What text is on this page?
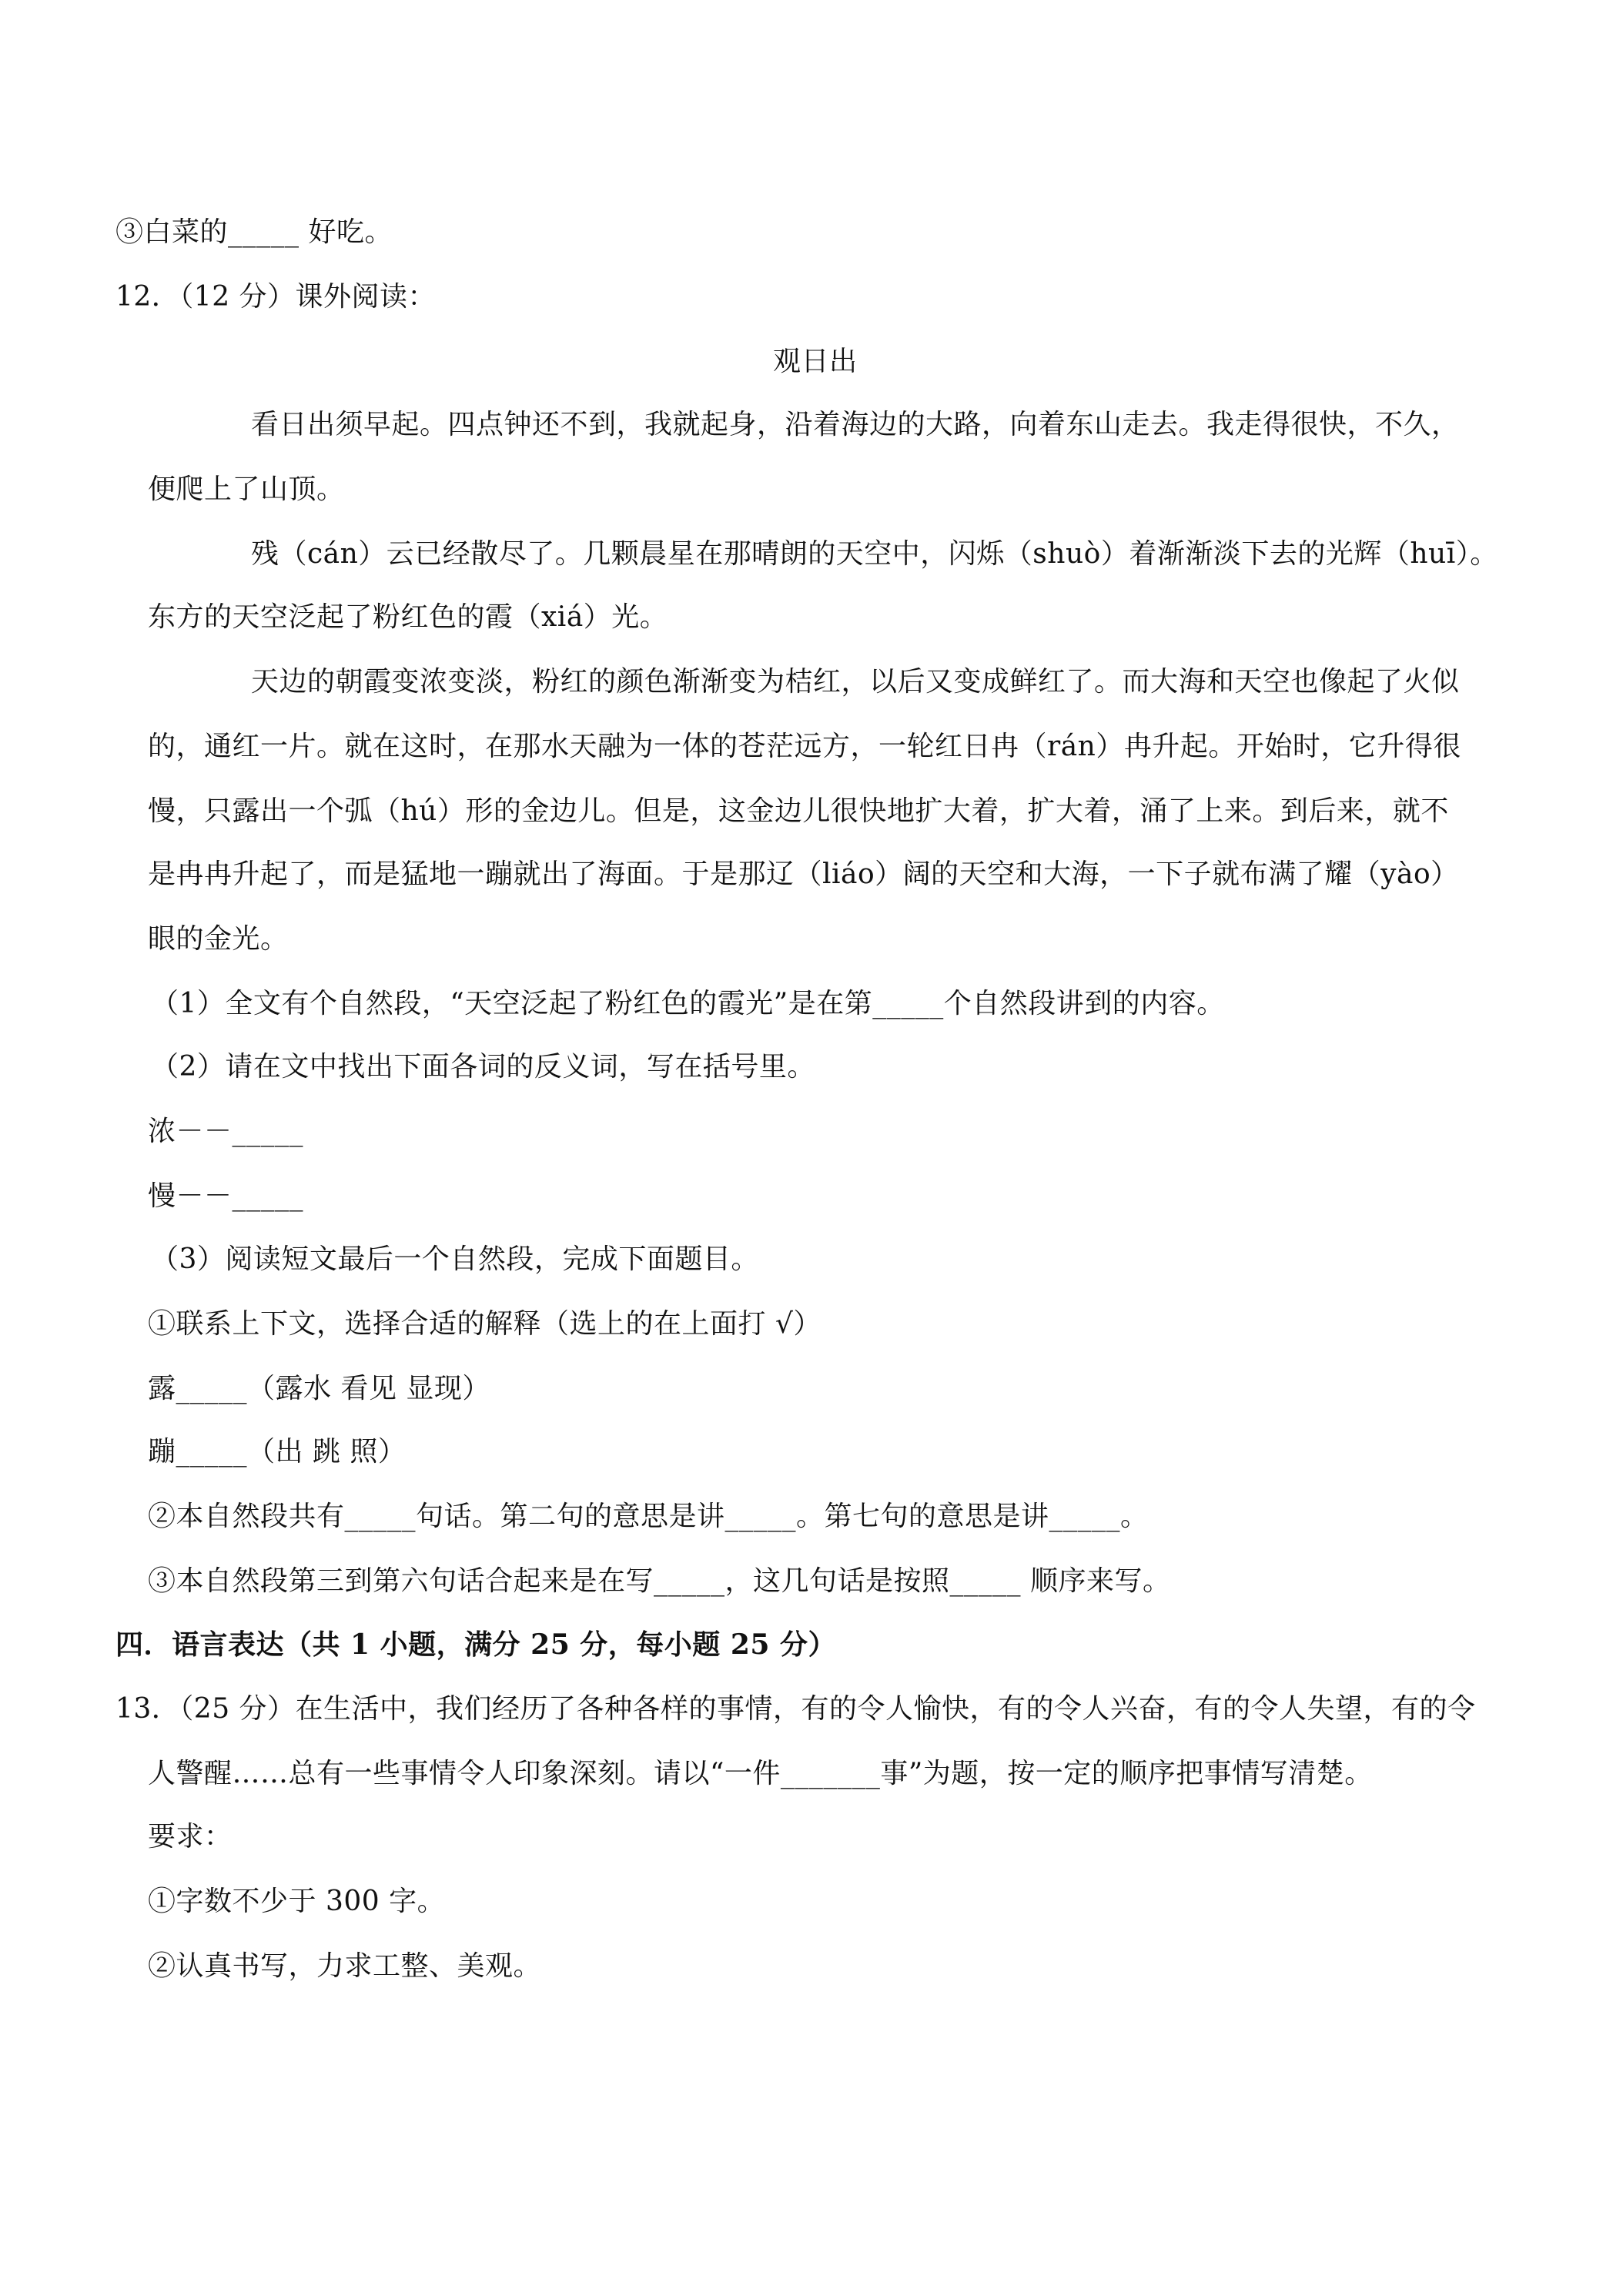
③白菜的_____ 好吃。
12．（12 分）课外阅读：
观日出
看日出须早起。四点钟还不到，我就起身，沿着海边的大路，向着东山走去。我走得很快，不久，
便爬上了山顶。
残（cán）云已经散尽了。几颗晨星在那晴朗的天空中，闪烁（shuò）着渐渐淡下去的光辉（huī）。
东方的天空泛起了粉红色的霞（xiá）光。
天边的朝霞变浓变淡，粉红的颜色渐渐变为桔红，以后又变成鲜红了。而大海和天空也像起了火似
的，通红一片。就在这时，在那水天融为一体的苍茫远方，一轮红日冉（rán）冉升起。开始时，它升得很
慢，只露出一个弧（hú）形的金边儿。但是，这金边儿很快地扩大着，扩大着，涌了上来。到后来，就不
是冉冉升起了，而是猛地一蹦就出了海面。于是那辽（liáo）阔的天空和大海，一下子就布满了耀（yào）
眼的金光。
（1）全文有个自然段，“天空泛起了粉红色的霞光”是在第_____个自然段讲到的内容。
（2）请在文中找出下面各词的反义词，写在括号里。
浓－－_____
慢－－_____
（3）阅读短文最后一个自然段，完成下面题目。
①联系上下文，选择合适的解释（选上的在上面打 √）
露_____（露水 看见 显现）
蹦_____（出 跳 照）
②本自然段共有_____句话。第二句的意思是讲_____。第七句的意思是讲_____。
③本自然段第三到第六句话合起来是在写_____，这几句话是按照_____ 顺序来写。
四．语言表达（共 1 小题，满分 25 分，每小题 25 分）
13．（25 分）在生活中，我们经历了各种各样的事情，有的令人愉快，有的令人兴奋，有的令人失望，有的令
人警醒……总有一些事情令人印象深刻。请以“一件_______事”为题，按一定的顺序把事情写清楚。
要求：
①字数不少于 300 字。
②认真书写，力求工整、美观。
